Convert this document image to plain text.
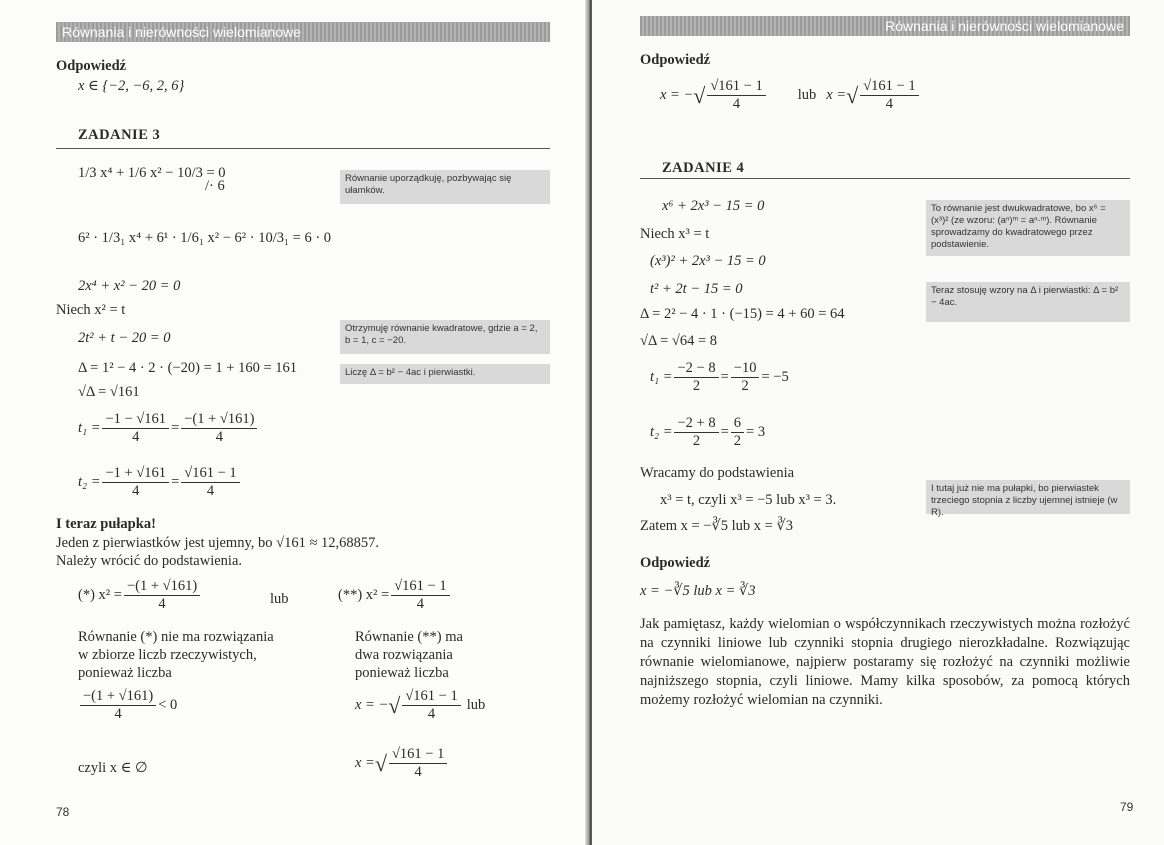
Równania i nierówności wielomianowe
Odpowiedź
x ∈ {−2, −6, 2, 6}
ZADANIE 3
1/3 x⁴ + 1/6 x² − 10/3 = 0
/· 6	Równanie uporządkuję, pozbywając się ułamków.
6² · 1/3₁ x⁴ + 6¹ · 1/6₁ x² − 6² · 10/3₁ = 6 · 0
2x⁴ + x² − 20 = 0
Niech x² = t
2t² + t − 20 = 0
Otrzymuję równanie kwadratowe, gdzie a = 2, b = 1, c = −20.
Δ = 1² − 4 · 2 · (−20) = 1 + 160 = 161	Liczę Δ = b² − 4ac i pierwiastki.
√Δ = √161
$t_1 = \frac{-1 - √161}{4} = \frac{-(1 + √161)}{4}$
$t_2 = \frac{-1 + √161}{4} = \frac{√161 - 1}{4}$
I teraz pułapka!
Jeden z pierwiastków jest ujemny, bo √161 ≈ 12,68857.
Należy wrócić do podstawienia.
(*) $x^2 = \frac{-(1 + √161)}{4}$	lub	(**) $x^2 = \frac{√161 - 1}{4}$
Równanie (*) nie ma rozwiązania
w zbiorze liczb rzeczywistych,
ponieważ liczba
$\frac{-(1 + √161)}{4} < 0$
czyli x ∈ ∅
Równanie (**) ma
dwa rozwiązania
ponieważ liczba
x = − √ $\frac{√161 - 1}{4}$ lub
x = √ $\frac{√161 - 1}{4}$
78
Równania i nierówności wielomianowe
Odpowiedź
x = − √ $\frac{√161 - 1}{4}$ lub x = √ $\frac{√161 - 1}{4}$
ZADANIE 4
x⁶ + 2x³ − 15 = 0	To równanie jest dwukwadratowe, bo x⁶ = (x³)² (ze wzoru: (aⁿ)ᵐ = aⁿ·ᵐ). Równanie sprowadzamy do kwadratowego przez podstawienie.
Niech x³ = t
(x³)² + 2x³ − 15 = 0
t² + 2t − 15 = 0	Teraz stosuję wzory na Δ i pierwiastki: Δ = b² − 4ac.
Δ = 2² − 4 · 1 · (−15) = 4 + 60 = 64
√Δ = √64 = 8
$t_1 = \frac{-2 - 8}{2} = \frac{-10}{2} = -5$
$t_2 = \frac{-2 + 8}{2} = \frac{6}{2} = 3$
Wracamy do podstawienia
I tutaj już nie ma pułapki, bo pierwiastek trzeciego stopnia z liczby ujemnej istnieje (w R).
x³ = t, czyli x³ = −5 lub x³ = 3.
Zatem x = −∛5 lub x = ∛3
Odpowiedź
x = −∛5 lub x = ∛3
Jak pamiętasz, każdy wielomian o współczynnikach rzeczywistych można rozłożyć na czynniki liniowe lub czynniki stopnia drugiego nierozkładalne. Rozwiązując równanie wielomianowe, najpierw postaramy się rozłożyć na czynniki możliwie najniższego stopnia, czyli liniowe. Mamy kilka sposobów, za pomocą których możemy rozłożyć wielomian na czynniki.
79
